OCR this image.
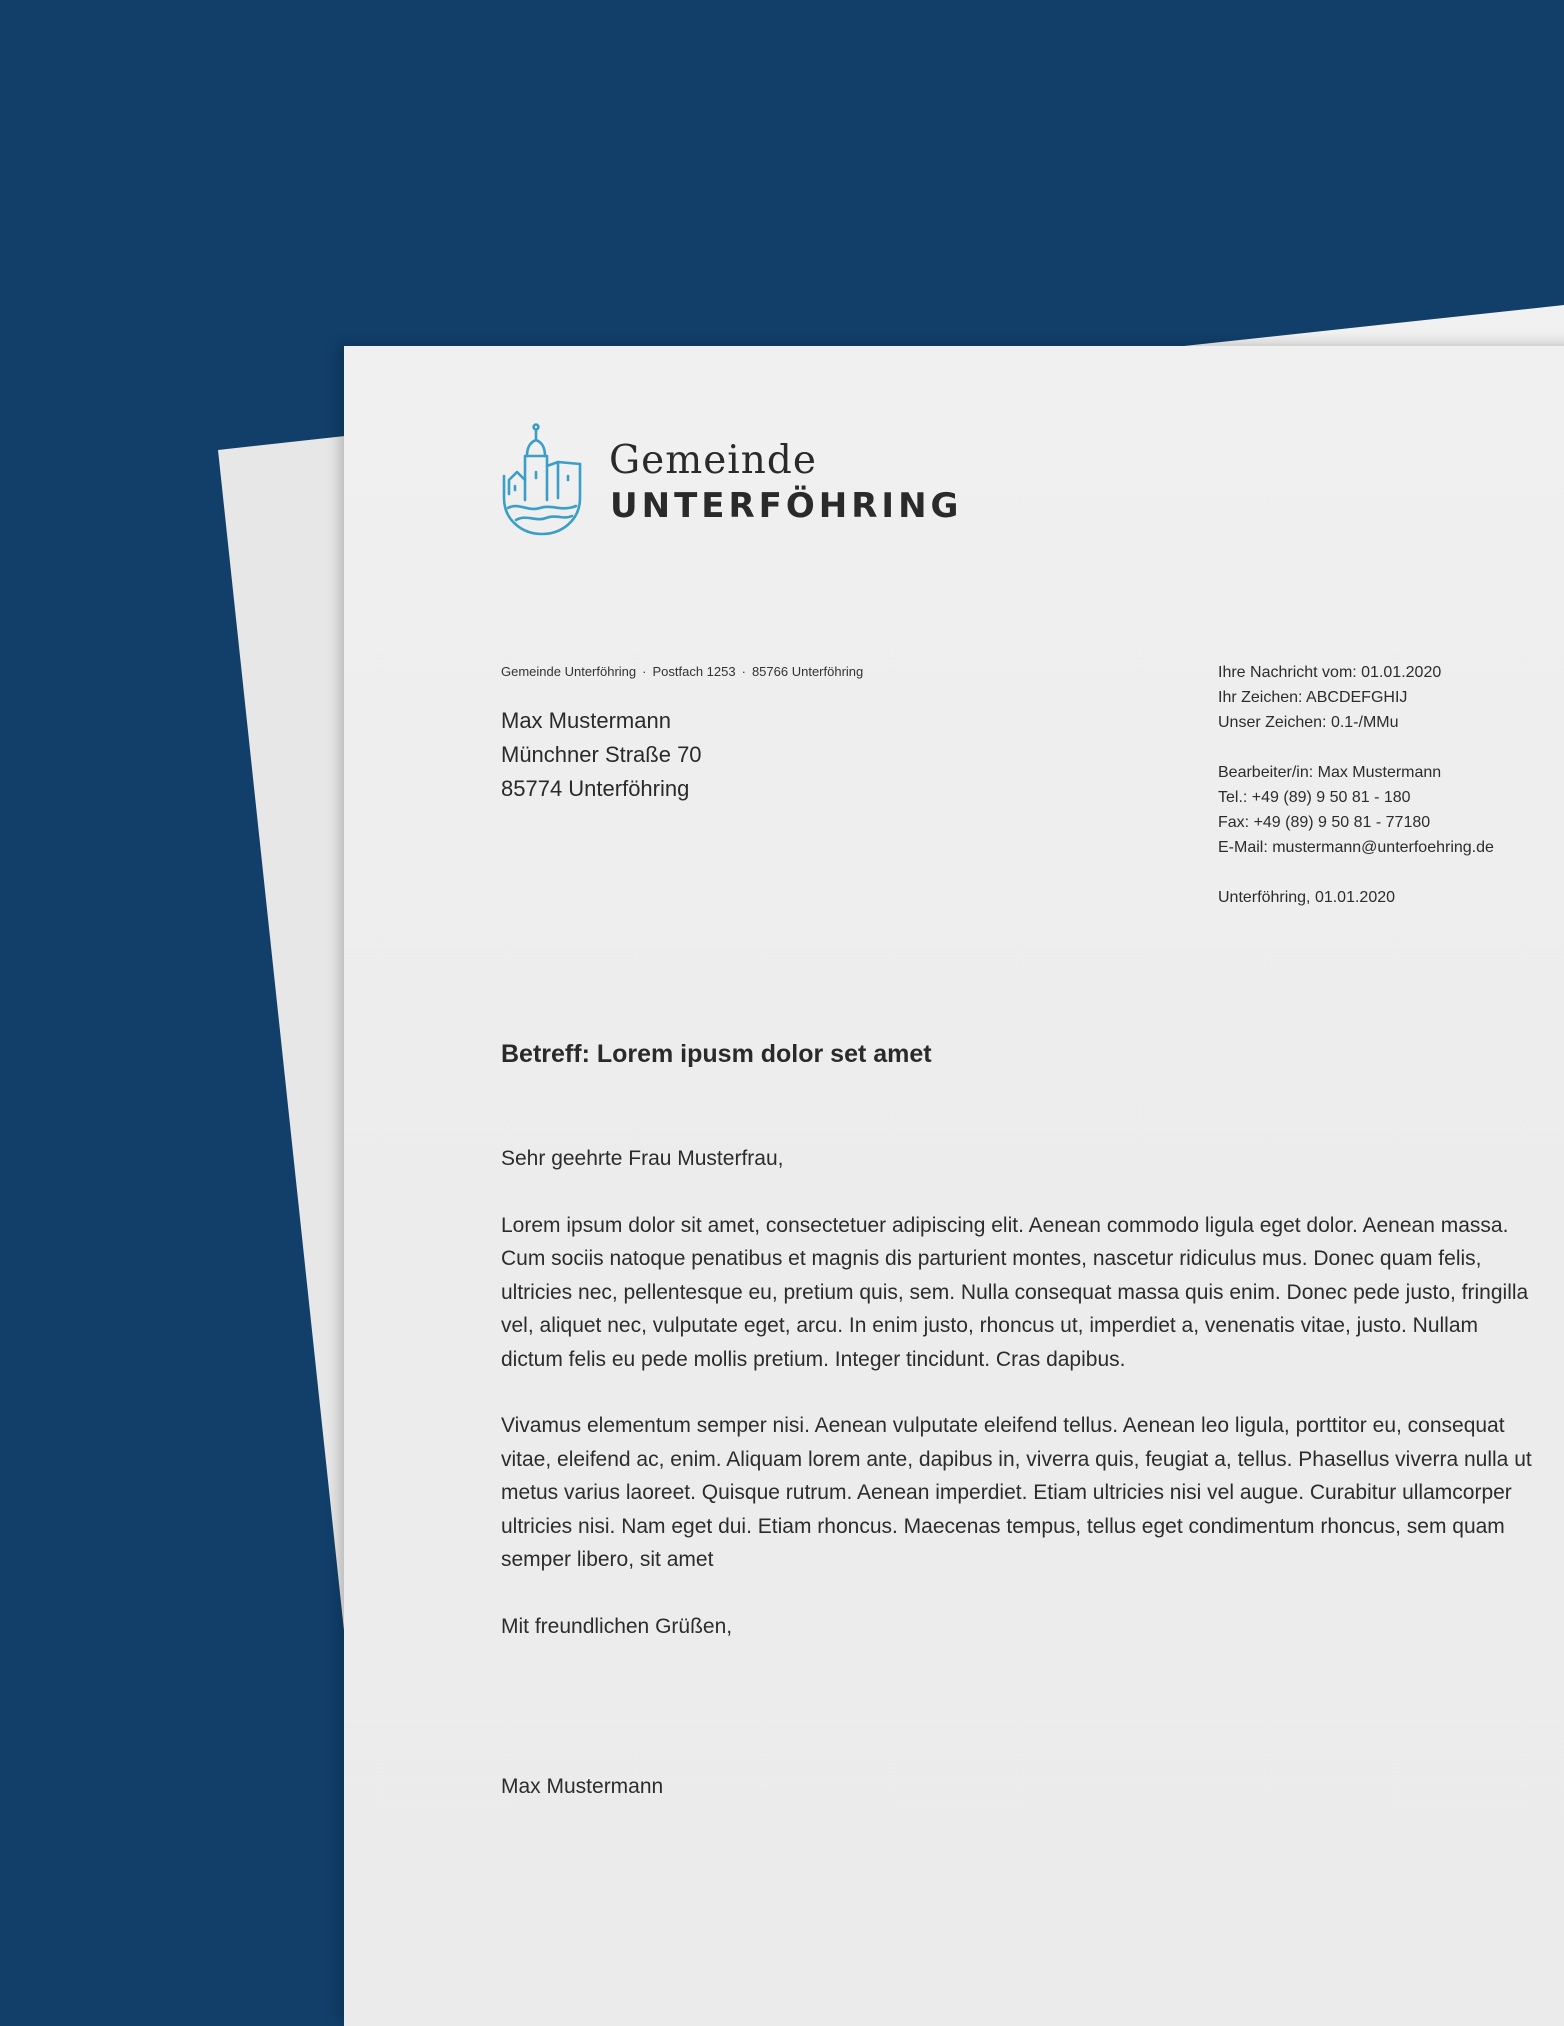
Gemeinde
UNTERFÖHRING
Gemeinde Unterföhring · Postfach 1253 · 85766 Unterföhring
Max Mustermann
Münchner Straße 70
85774 Unterföhring
Ihre Nachricht vom: 01.01.2020
Ihr Zeichen: ABCDEFGHIJ
Unser Zeichen: 0.1-/MMu
Bearbeiter/in: Max Mustermann
Tel.: +49 (89) 9 50 81 - 180
Fax: +49 (89) 9 50 81 - 77180
E-Mail: mustermann@unterfoehring.de
Unterföhring, 01.01.2020
Betreff: Lorem ipusm dolor set amet

Sehr geehrte Frau Musterfrau,

Lorem ipsum dolor sit amet, consectetuer adipiscing elit. Aenean commodo ligula eget dolor. Aenean massa. Cum sociis natoque penatibus et magnis dis parturient montes, nascetur ridiculus mus. Donec quam felis, ultricies nec, pellentesque eu, pretium quis, sem. Nulla consequat massa quis enim. Donec pede justo, fringilla vel, aliquet nec, vulputate eget, arcu. In enim justo, rhoncus ut, imperdiet a, venenatis vitae, justo. Nullam dictum felis eu pede mollis pretium. Integer tincidunt. Cras dapibus.

Vivamus elementum semper nisi. Aenean vulputate eleifend tellus. Aenean leo ligula, porttitor eu, consequat vitae, eleifend ac, enim. Aliquam lorem ante, dapibus in, viverra quis, feugiat a, tellus. Phasellus viverra nulla ut metus varius laoreet. Quisque rutrum. Aenean imperdiet. Etiam ultricies nisi vel augue. Curabitur ullamcorper ultricies nisi. Nam eget dui. Etiam rhoncus. Maecenas tempus, tellus eget condimentum rhoncus, sem quam semper libero, sit amet

Mit freundlichen Grüßen,

Max Mustermann
